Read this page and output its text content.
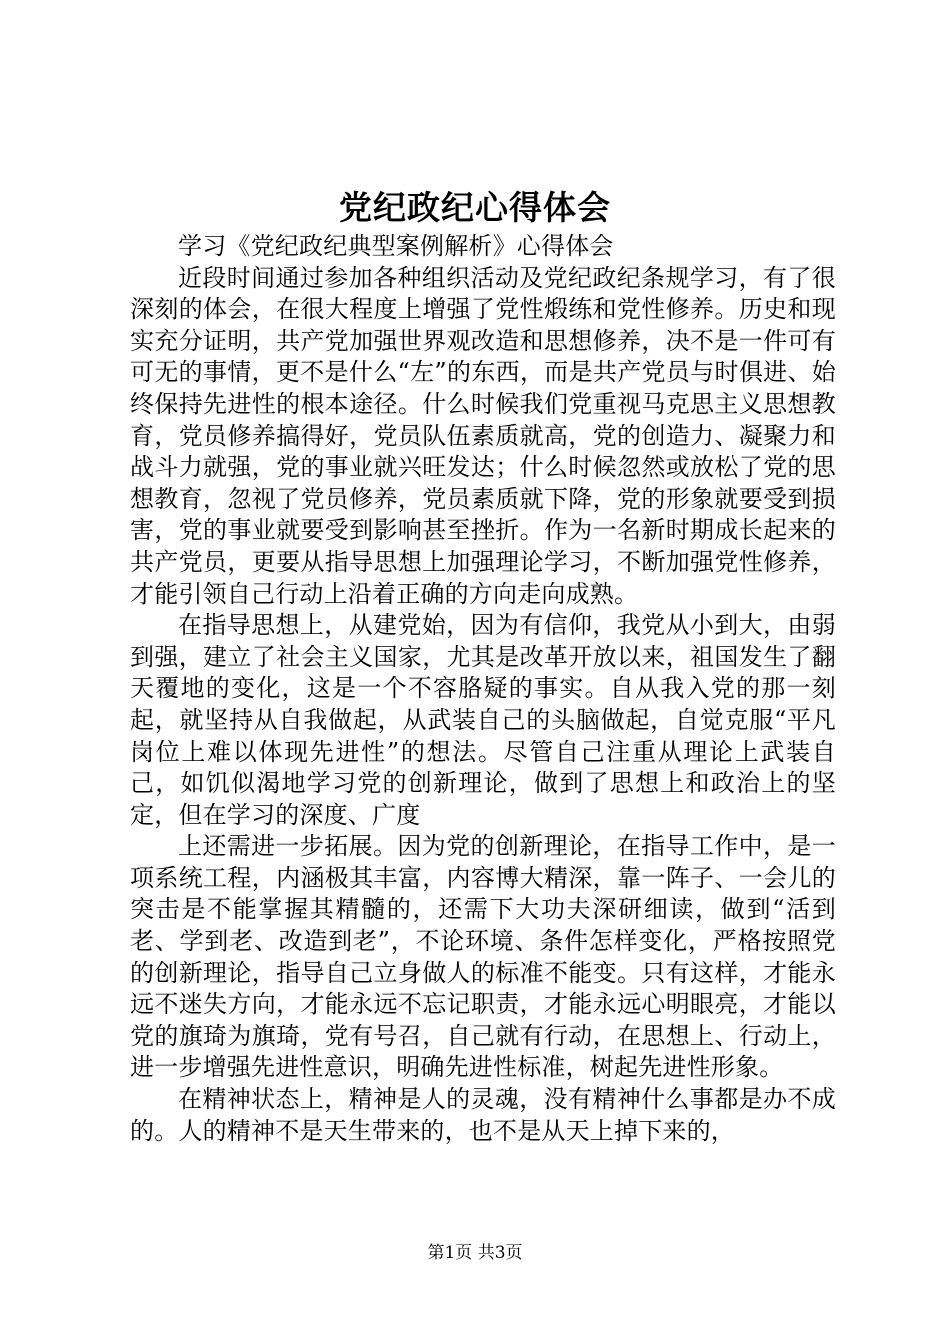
党纪政纪心得体会

学习《党纪政纪典型案例解析》心得体会

近段时间通过参加各种组织活动及党纪政纪条规学习，有了很深刻的体会，在很大程度上增强了党性煅练和党性修养。历史和现实充分证明，共产党加强世界观改造和思想修养，决不是一件可有可无的事情，更不是什么“左”的东西，而是共产党员与时俱进、始终保持先进性的根本途径。什么时候我们党重视马克思主义思想教育，党员修养搞得好，党员队伍素质就高，党的创造力、凝聚力和战斗力就强，党的事业就兴旺发达；什么时候忽然或放松了党的思想教育，忽视了党员修养，党员素质就下降，党的形象就要受到损害，党的事业就要受到影响甚至挫折。作为一名新时期成长起来的共产党员，更要从指导思想上加强理论学习，不断加强党性修养，才能引领自己行动上沿着正确的方向走向成熟。

在指导思想上，从建党始，因为有信仰，我党从小到大，由弱到强，建立了社会主义国家，尤其是改革开放以来，祖国发生了翻天覆地的变化，这是一个不容胳疑的事实。自从我入党的那一刻起，就坚持从自我做起，从武装自己的头脑做起，自觉克服“平凡岗位上难以体现先进性”的想法。尽管自己注重从理论上武装自己，如饥似渴地学习党的创新理论，做到了思想上和政治上的坚定，但在学习的深度、广度

上还需进一步拓展。因为党的创新理论，在指导工作中，是一项系统工程，内涵极其丰富，内容博大精深，靠一阵子、一会儿的突击是不能掌握其精髓的，还需下大功夫深研细读，做到“活到老、学到老、改造到老”，不论环境、条件怎样变化，严格按照党的创新理论，指导自己立身做人的标准不能变。只有这样，才能永远不迷失方向，才能永远不忘记职责，才能永远心明眼亮，才能以党的旗琦为旗琦，党有号召，自己就有行动，在思想上、行动上，进一步增强先进性意识，明确先进性标准，树起先进性形象。

在精神状态上，精神是人的灵魂，没有精神什么事都是办不成的。人的精神不是天生带来的，也不是从天上掉下来的，

第1页 共3页
